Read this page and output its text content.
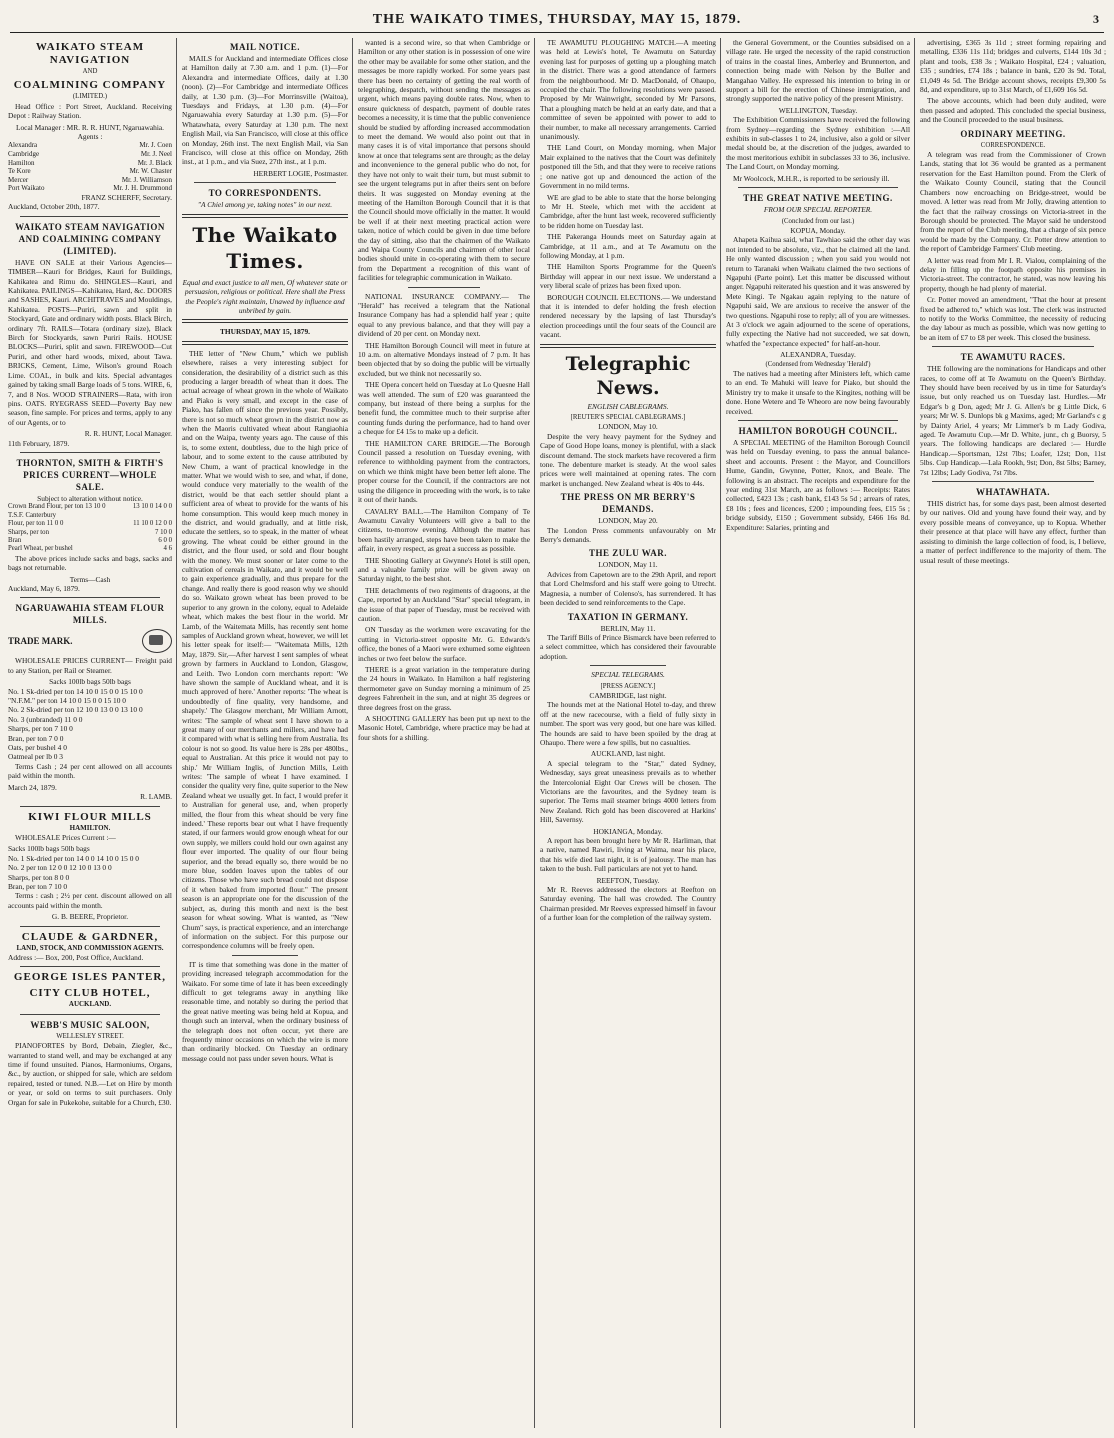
THE WAIKATO TIMES, THURSDAY, MAY 15, 1879.	3
WAIKATO STEAM NAVIGATION
AND
COALMINING COMPANY
(LIMITED.)
Head Office : Port Street, Auckland. Receiving Depot : Railway Station.
Local Manager : MR. R. R. HUNT, Ngaruawahia.
Agents :
Alexandra	Mr. J. Coen
Cambridge	Mr. J. Neel
Hamilton	Mr. J. Black
Te Kore	Mr. W. Chaster
Mercer	Mr. J. Williamson
Port Waikato	Mr. J. H. Drummond
FRANZ SCHERFF, Secretary.
Auckland, October 20th, 1877.
WAIKATO STEAM NAVIGATION AND COALMINING COMPANY (LIMITED).
HAVE ON SALE at their Various Agencies— TIMBER—Kauri for Bridges, Kauri for Buildings, Kahikatea and Rimu do. SHINGLES—Kauri, and Kahikatea. PAILINGS—Kahikatea, Hard, &c. DOORS and SASHES, Kauri. ARCHITRAVES and Mouldings, Kahikatea. POSTS—Puriri, sawn and split in Stockyard, Gate and ordinary width posts. Black Birch, ordinary 7ft. RAILS—Totara (ordinary size), Black Birch for Stockyards, sawn Puriri Rails. HOUSE BLOCKS—Puriri, split and sawn. FIREWOOD—Cut Puriri, and other hard woods, mixed, about Tawa. BRICKS, Cement, Lime, Wilson's ground Roach Lime. COAL, in bulk and kits. Special advantages gained by taking small Barge loads of 5 tons. WIRE, 6, 7, and 8 Nos. WOOD STRAINERS—Rata, with iron pins. OATS. RYEGRASS SEED—Poverty Bay new season, fine sample. For prices and terms, apply to any of our Agents, or to
R. R. HUNT, Local Manager.
11th February, 1879.
THORNTON, SMITH & FIRTH'S PRICES CURRENT—WHOLE SALE.
Subject to alteration without notice.
Crown Brand Flour, per ton 13 10 0	13 10 0 14 0 0
T.S.F. Canterbury	
Flour, per ton 11 0 0	11 10 0 12 0 0
Sharps, per ton	7 10 0
Bran	6 0 0
Pearl Wheat, per bushel	4 6
The above prices include sacks and bags, sacks and bags not returnable.
Terms—Cash
Auckland, May 6, 1879.
NGARUAWAHIA STEAM FLOUR MILLS.
TRADE MARK.
WHOLESALE PRICES CURRENT— Freight paid to any Station, per Rail or Steamer.
Sacks 100lb bags 50lb bags
No. 1 Sk-dried per ton 14 10 0 15 0 0 15 10 0
"N.F.M." per ton 14 10 0 15 0 0 15 10 0
No. 2 Sk-dried per ton 12 10 0 13 0 0 13 10 0
No. 3 (unbranded) 11 0 0
Sharps, per ton 7 10 0
Bran, per ton 7 0 0
Oats, per bushel 4 0
Oatmeal per lb 0 3
Terms Cash ; 24 per cent allowed on all accounts paid within the month.
March 24, 1879.
R. LAMB.
KIWI FLOUR MILLS
HAMILTON.
WHOLESALE Prices Current :—
Sacks 100lb bags 50lb bags
No. 1 Sk-dried per ton 14 0 0 14 10 0 15 0 0
No. 2 per ton 12 0 0 12 10 0 13 0 0
Sharps, per ton 8 0 0
Bran, per ton 7 10 0
Terms : cash ; 2½ per cent. discount allowed on all accounts paid within the month.
G. B. BEERE, Proprietor.
CLAUDE & GARDNER,
LAND, STOCK, AND COMMISSION AGENTS.
Address :— Box, 200, Post Office, Auckland.
GEORGE ISLES PANTER,
CITY CLUB HOTEL,
AUCKLAND.
WEBB'S MUSIC SALOON,
WELLESLEY STREET.
PIANOFORTES by Bord, Debain, Ziegler, &c., warranted to stand well, and may be exchanged at any time if found unsuited. Pianos, Harmoniums, Organs, &c., by auction, or shipped for sale, which are seldom repaired, tested or tuned. N.B.—Let on Hire by month or year, or sold on terms to suit purchasers. Only Organ for sale in Pukekohe, suitable for a Church, £30.
MAIL NOTICE.
MAILS for Auckland and intermediate Offices close at Hamilton daily at 7.30 a.m. and 1 p.m. (1)—For Alexandra and intermediate Offices, daily at 1.30 (noon). (2)—For Cambridge and intermediate Offices daily, at 1.30 p.m. (3)—For Morrinsville (Waitoa), Tuesdays and Fridays, at 1.30 p.m. (4)—For Ngaruawahia every Saturday at 1.30 p.m. (5)—For Whatawhata, every Saturday at 1.30 p.m. The next English Mail, via San Francisco, will close at this office on Monday, 26th inst. The next English Mail, via San Francisco, will close at this office on Monday, 26th inst., at 1 p.m., and via Suez, 27th inst., at 1 p.m.
HERBERT LOGIE, Postmaster.
TO CORRESPONDENTS.
"A Chiel among ye, taking notes" in our next.
The Waikato Times.
Equal and exact justice to all men, Of whatever state or persuasion, religious or political. Here shall the Press the People's right maintain, Unawed by influence and unbribed by gain.
THURSDAY, MAY 15, 1879.
THE letter of "New Chum," which we publish elsewhere, raises a very interesting subject for consideration, the desirability of a district such as this producing a larger breadth of wheat than it does. The actual acreage of wheat grown in the whole of Waikato and Piako is very small, and except in the case of Piako, has fallen off since the previous year. Possibly, there is not so much wheat grown in the district now as when the Maoris cultivated wheat about Rangiaohia and on the Waipa, twenty years ago. The cause of this is, to some extent, doubtless, due to the high price of labour, and to some extent to the cause attributed by New Chum, a want of practical knowledge in the matter. What we would wish to see, and what, if done, would conduce very materially to the wealth of the district, would be that each settler should plant a sufficient area of wheat to provide for the wants of his home consumption. This would keep much money in the district, and would gradually, and at little risk, educate the settlers, so to speak, in the matter of wheat growing. The wheat could be either ground in the district, and the flour used, or sold and flour bought with the money. We must sooner or later come to the cultivation of cereals in Waikato, and it would be well to gain experience gradually, and thus prepare for the change. And really there is good reason why we should do so. Waikato grown wheat has been proved to be superior to any grown in the colony, equal to Adelaide wheat, which makes the best flour in the world. Mr Lamb, of the Waitemata Mills, has recently sent home samples of Auckland grown wheat, however, we will let his letter speak for itself:— "Waitemata Mills, 12th May, 1879. Sir,—After harvest I sent samples of wheat grown by farmers in Auckland to London, Glasgow, and Leith. Two London corn merchants report: 'We have shown the sample of Auckland wheat, and it is much approved of here.' Another reports: 'The wheat is undoubtedly of fine quality, very handsome, and shapely.' The Glasgow merchant, Mr William Arnott, writes: 'The sample of wheat sent I have shown to a great many of our merchants and millers, and have had it compared with what is selling here from Australia. Its colour is not so good. Its value here is 28s per 480lbs., equal to Australian. At this price it would not pay to ship.' Mr William Inglis, of Junction Mills, Leith writes: 'The sample of wheat I have examined. I consider the quality very fine, quite superior to the New Zealand wheat we usually get. In fact, I would prefer it to Australian for general use, and, when properly milled, the flour from this wheat should be very fine indeed.' These reports bear out what I have frequently stated, if our farmers would grow enough wheat for our own supply, we millers could hold our own against any flour ever imported. The quality of our flour being superior, and the bread equally so, there would be no more blue, sodden loaves upon the tables of our citizens. Those who have such bread could not dispose of it when baked from imported flour." The present season is an appropriate one for the discussion of the subject, as, during this month and next is the best season for wheat sowing. What is wanted, as "New Chum" says, is practical experience, and an interchange of information on the subject. For this purpose our correspondence columns will be freely open.
IT is time that something was done in the matter of providing increased telegraph accommodation for the Waikato. For some time of late it has been exceedingly difficult to get telegrams away in anything like reasonable time, and notably so during the period that the great native meeting was being held at Kopua, and though such an interval, when the ordinary business of the telegraph does not often occur, yet there are frequently minor occasions on which the wire is more than ordinarily blocked. On Tuesday an ordinary message could not pass under seven hours. What is
wanted is a second wire, so that when Cambridge or Hamilton or any other station is in possession of one wire the other may be available for some other station, and the messages be more rapidly worked. For some years past there has been no certainty of getting the real worth of telegraphing, despatch, without sending the messages as urgent, which means paying double rates. Now, when to ensure quickness of despatch, payment of double rates becomes a necessity, it is time that the public convenience should be studied by affording increased accommodation to meet the demand. We would also point out that in many cases it is of vital importance that persons should know at once that telegrams sent are through; as the delay and inconvenience to the general public who do not, for they have not only to wait their turn, but must submit to see the urgent telegrams put in after theirs sent on before theirs. It was suggested on Monday evening at the meeting of the Hamilton Borough Council that it is that the Council should move officially in the matter. It would be well if at their next meeting practical action were taken, notice of which could be given in due time before the day of sitting, also that the chairmen of the Waikato and Waipa County Councils and chairmen of other local bodies should unite in co-operating with them to secure from the Department a recognition of this want of facilities for telegraphic communication in Waikato.
NATIONAL INSURANCE COMPANY.— The "Herald" has received a telegram that the National Insurance Company has had a splendid half year ; quite equal to any previous balance, and that they will pay a dividend of 20 per cent. on Monday next.
THE Hamilton Borough Council will meet in future at 10 a.m. on alternative Mondays instead of 7 p.m. It has been objected that by so doing the public will be virtually excluded, but we think not necessarily so.
THE Opera concert held on Tuesday at Lo Quesne Hall was well attended. The sum of £20 was guaranteed the company, but instead of there being a surplus for the benefit fund, the committee much to their surprise after counting funds during the performance, had to hand over a cheque for £4 15s to make up a deficit.
THE HAMILTON CARE BRIDGE.—The Borough Council passed a resolution on Tuesday evening, with reference to withholding payment from the contractors, on which we think might have been better left alone. The proper course for the Council, if the contractors are not using the diligence in proceeding with the work, is to take it out of their hands.
CAVALRY BALL.—The Hamilton Company of Te Awamutu Cavalry Volunteers will give a ball to the citizens, to-morrow evening. Although the matter has been hastily arranged, steps have been taken to make the affair, in every respect, as great a success as possible.
THE Shooting Gallery at Gwynne's Hotel is still open, and a valuable family prize will be given away on Saturday night, to the best shot.
THE detachments of two regiments of dragoons, at the Cape, reported by an Auckland "Star" special telegram, in the issue of that paper of Tuesday, must be received with caution.
ON Tuesday as the workmen were excavating for the cutting in Victoria-street opposite Mr. G. Edwards's office, the bones of a Maori were exhumed some eighteen inches or two feet below the surface.
THERE is a great variation in the temperature during the 24 hours in Waikato. In Hamilton a half registering thermometer gave on Sunday morning a minimum of 25 degrees Fahrenheit in the sun, and at night 35 degrees or three degrees frost on the grass.
A SHOOTING GALLERY has been put up next to the Masonic Hotel, Cambridge, where practice may be had at four shots for a shilling.
TE AWAMUTU PLOUGHING MATCH.—A meeting was held at Lewis's hotel, Te Awamutu on Saturday evening last for purposes of getting up a ploughing match in the district. There was a good attendance of farmers from the neighbourhood. Mr D. MacDonald, of Ohaupo, occupied the chair. The following resolutions were passed. Proposed by Mr Wainwright, seconded by Mr Parsons, That a ploughing match be held at an early date, and that a committee of seven be appointed with power to add to their number, to make all necessary arrangements. Carried unanimously.
THE Land Court, on Monday morning, when Major Mair explained to the natives that the Court was definitely postponed till the 5th, and that they were to receive rations ; one native got up and denounced the action of the Government in no mild terms.
WE are glad to be able to state that the horse belonging to Mr H. Steele, which met with the accident at Cambridge, after the hunt last week, recovered sufficiently to be ridden home on Tuesday last.
THE Pakeranga Hounds meet on Saturday again at Cambridge, at 11 a.m., and at Te Awamutu on the following Monday, at 1 p.m.
THE Hamilton Sports Programme for the Queen's Birthday will appear in our next issue. We understand a very liberal scale of prizes has been fixed upon.
BOROUGH COUNCIL ELECTIONS.— We understand that it is intended to defer holding the fresh election rendered necessary by the lapsing of last Thursday's election proceedings until the four seats of the Council are vacant.
Telegraphic News.
ENGLISH CABLEGRAMS.
[REUTER'S SPECIAL CABLEGRAMS.]
LONDON, May 10.
Despite the very heavy payment for the Sydney and Cape of Good Hope loans, money is plentiful, with a slack discount demand. The stock markets have recovered a firm tone. The debenture market is steady. At the wool sales prices were well maintained at opening rates. The corn market is unchanged. New Zealand wheat is 40s to 44s.
THE PRESS ON MR BERRY'S DEMANDS.
LONDON, May 20.
The London Press comments unfavourably on Mr Berry's demands.
THE ZULU WAR.
LONDON, May 11.
Advices from Capetown are to the 29th April, and report that Lord Chelmsford and his staff were going to Utrecht. Magnesia, a number of Colenso's, has surrendered. It has been decided to send reinforcements to the Cape.
TAXATION IN GERMANY.
BERLIN, May 11.
The Tariff Bills of Prince Bismarck have been referred to a select committee, which has considered their favourable adoption.
SPECIAL TELEGRAMS.
[PRESS AGENCY.]
CAMBRIDGE, last night.
The hounds met at the National Hotel to-day, and threw off at the new racecourse, with a field of fully sixty in number. The sport was very good, but one hare was killed. The hounds are said to have been spoiled by the drag at Ohaupo. There were a few spills, but no casualties.
AUCKLAND, last night.
A special telegram to the "Star," dated Sydney, Wednesday, says great uneasiness prevails as to whether the Intercolonial Eight Oar Crews will be chosen. The Victorians are the favourites, and the Sydney team is superior. The Terns mail steamer brings 4000 letters from New Zealand. Rich gold has been discovered at Harkins' Hill, Savernsy.
HOKIANGA, Monday.
A report has been brought here by Mr R. Harliman, that a native, named Rawiri, living at Waima, near his place, that his wife died last night, it is of jealousy. The man has taken to the bush. Full particulars are not yet to hand.
REEFTON, Tuesday.
Mr R. Reeves addressed the electors at Reefton on Saturday evening. The hall was crowded. The Country Chairman presided. Mr Reeves expressed himself in favour of a further loan for the completion of the railway system.
the General Government, or the Counties subsidised on a village rate. He urged the necessity of the rapid construction of trains in the coastal lines, Amberley and Brunnerton, and connection being made with Nelson by the Buller and Mangahao Valley. He expressed his intention to bring in or support a bill for the erection of Chinese immigration, and strongly supported the native policy of the present Ministry.
WELLINGTON, Tuesday.
The Exhibition Commissioners have received the following from Sydney—regarding the Sydney exhibition :—All exhibits in sub-classes 1 to 24, inclusive, also a gold or silver medal should be, at the discretion of the judges, awarded to the most meritorious exhibit in subclasses 33 to 36, inclusive. The Land Court, on Monday morning.
Mr Woolcock, M.H.R., is reported to be seriously ill.
THE GREAT NATIVE MEETING.
FROM OUR SPECIAL REPORTER.
(Concluded from our last.)
KOPUA, Monday.
Ahapeta Kaihua said, what Tawhiao said the other day was not intended to be absolute, viz., that he claimed all the land. He only wanted discussion ; when you said you would not return to Taranaki when Waikatu claimed the two sections of Ngapuhi (Parte point). Let this matter be discussed without anger. Ngapuhi reiterated his question and it was answered by Mete Kingi. Te Ngakau again replying to the nature of Ngapuhi said, We are anxious to receive the answer of the two questions. Ngapuhi rose to reply; all of you are witnesses. At 3 o'clock we again adjourned to the scene of operations, fully expecting the Native had not succeeded, we sat down, whatfed the "expectance expected" for half-an-hour.
ALEXANDRA, Tuesday.
(Condensed from Wednesday 'Herald')
The natives had a meeting after Ministers left, which came to an end. Te Mahuki will leave for Piako, but should the Ministry try to make it unsafe to the Kingites, nothing will be done. Hone Wetere and Te Wheoro are now being favourably received.
HAMILTON BOROUGH COUNCIL.
A SPECIAL MEETING of the Hamilton Borough Council was held on Tuesday evening, to pass the annual balance-sheet and accounts. Present : the Mayor, and Councillors Hume, Gandin, Gwynne, Potter, Knox, and Beale. The following is an abstract. The receipts and expenditure for the year ending 31st March, are as follows :— Receipts: Rates collected, £423 13s ; cash bank, £143 5s 5d ; arrears of rates, £8 10s ; fees and licences, £200 ; impounding fees, £15 5s ; bridge subsidy, £150 ; Government subsidy, £466 16s 8d. Expenditure: Salaries, printing and
advertising, £365 3s 11d ; street forming repairing and metalling, £336 11s 11d; bridges and culverts, £144 10s 3d ; plant and tools, £38 3s ; Waikato Hospital, £24 ; valuation, £35 ; sundries, £74 18s ; balance in bank, £20 3s 9d. Total, £1,049 4s 5d. The Bridge account shows, receipts £9,300 5s 8d, and expenditure, up to 31st March, of £1,609 16s 5d.
The above accounts, which had been duly audited, were then passed and adopted. This concluded the special business, and the Council proceeded to the usual business.
ORDINARY MEETING.
CORRESPONDENCE.
A telegram was read from the Commissioner of Crown Lands, stating that lot 36 would be granted as a permanent reservation for the East Hamilton pound. From the Clerk of the Waikato County Council, stating that the Council Chambers now encroaching on Bridge-street, would be moved. A letter was read from Mr Jolly, drawing attention to the fact that the railway crossings on Victoria-street in the Borough should be protected. The Mayor said he understood from the report of the Club meeting, that a charge of six pence would be made by the Company. Cr. Potter drew attention to the report of Cambridge Farmers' Club meeting.
A letter was read from Mr I. R. Vialou, complaining of the delay in filling up the footpath opposite his premises in Victoria-street. The contractor, he stated, was now leaving his property, though he had plenty of material.
Cr. Potter moved an amendment, "That the hour at present fixed be adhered to," which was lost. The clerk was instructed to notify to the Works Committee, the necessity of reducing the day labour as much as possible, which was now getting to be an item of £7 to £8 per week. This closed the business.
TE AWAMUTU RACES.
THE following are the nominations for Handicaps and other races, to come off at Te Awamutu on the Queen's Birthday. They should have been received by us in time for Saturday's issue, but only reached us on Tuesday last. Hurdles.—Mr Edgar's b g Don, aged; Mr J. G. Allen's br g Little Dick, 6 years; Mr W. S. Dunlops bk g Maxims, aged; Mr Garland's c g by Dainty Ariel, 4 years; Mr Limmer's b m Lady Godiva, aged. Te Awamutu Cup.—Mr D. White, junr., ch g Buorsy, 5 years. The following handicaps are declared :— Hurdle Handicap.—Sportsman, 12st 7lbs; Loafer, 12st; Don, 11st 5lbs. Cup Handicap.—Lala Rookh, 9st; Don, 8st 5lbs; Barney, 7st 12lbs; Lady Godiva, 7st 7lbs.
WHATAWHATA.
THIS district has, for some days past, been almost deserted by our natives. Old and young have found their way, and by every possible means of conveyance, up to Kopua. Whether their presence at that place will have any effect, further than assisting to diminish the large collection of food, is, I believe, a matter of perfect indifference to the majority of them. The usual result of these meetings.
